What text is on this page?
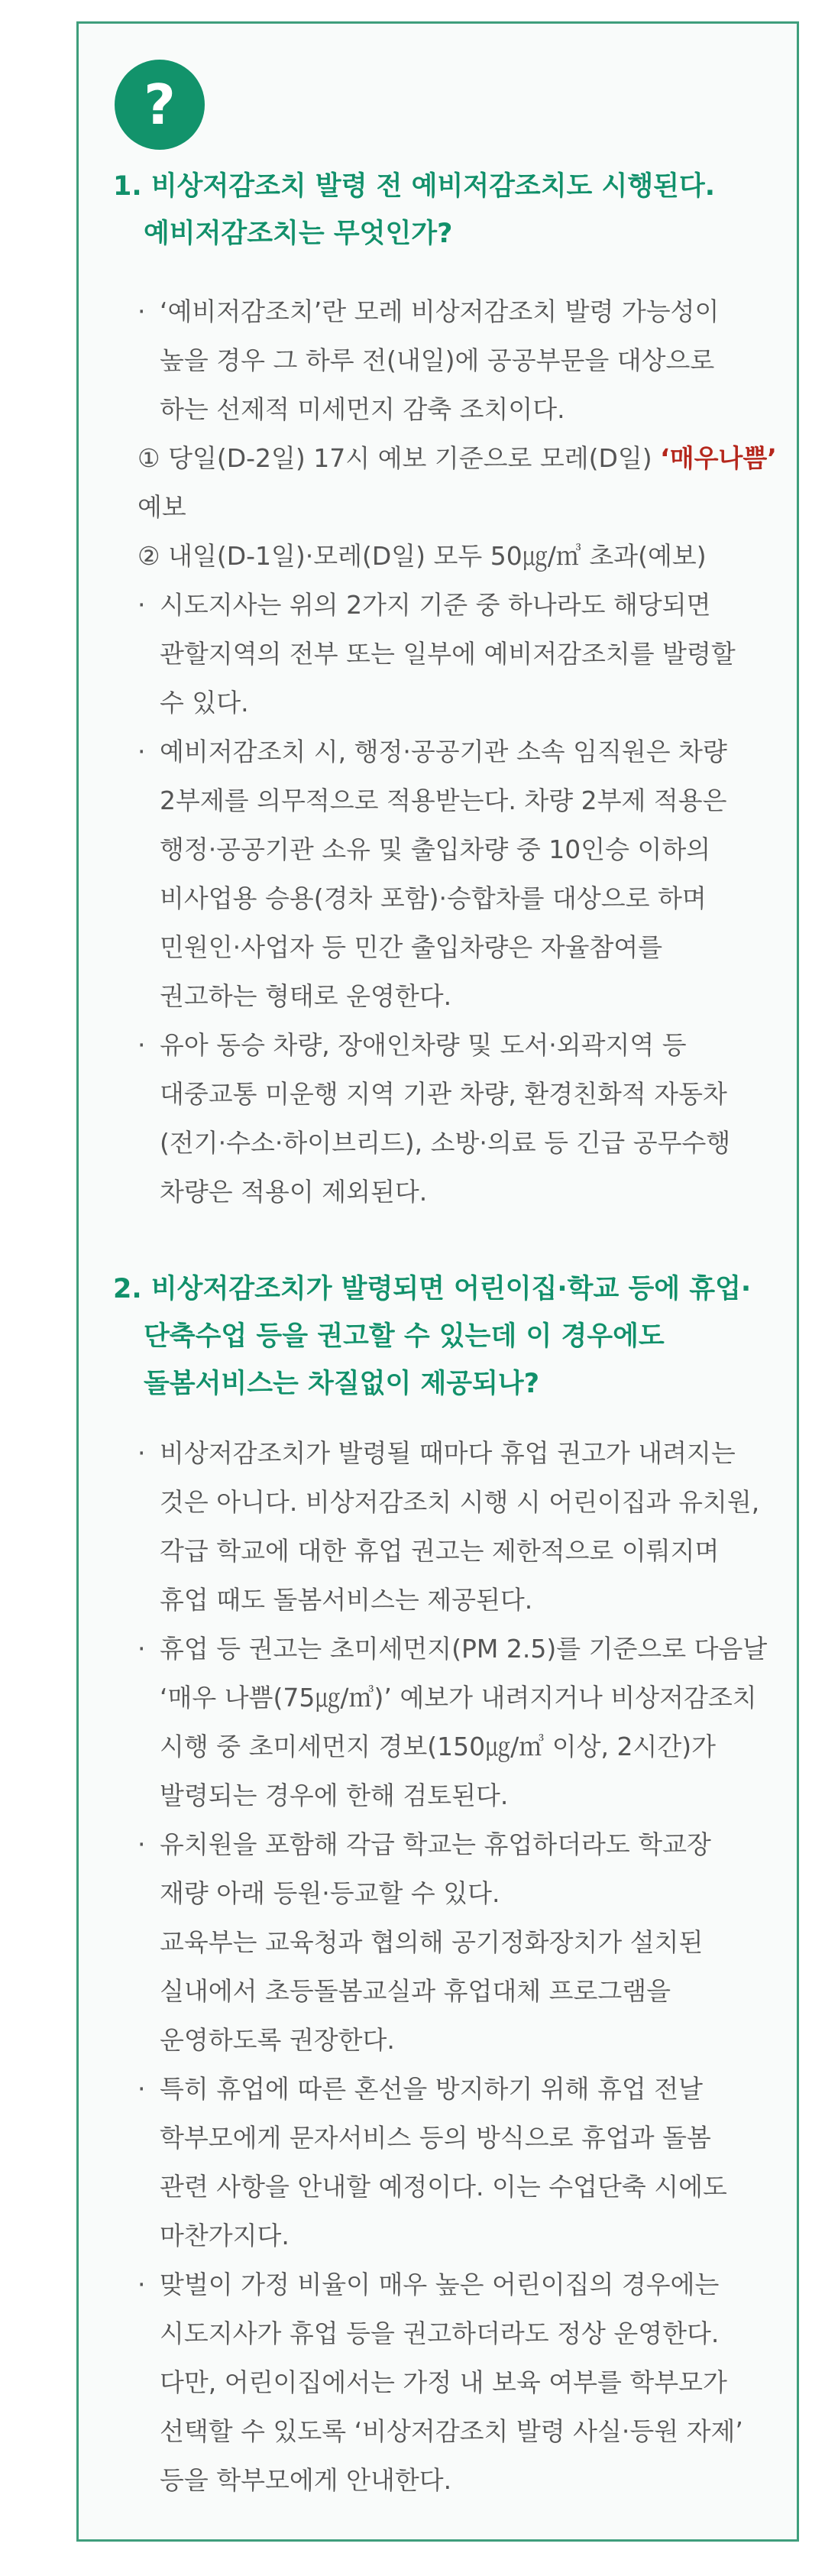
?
1. 비상저감조치 발령 전 예비저감조치도 시행된다.
예비저감조치는 무엇인가?

· ‘예비저감조치’란 모레 비상저감조치 발령 가능성이
높을 경우 그 하루 전(내일)에 공공부문을 대상으로
하는 선제적 미세먼지 감축 조치이다.

① 당일(D-2일) 17시 예보 기준으로 모레(D일) ‘매우나쁨’

예보

② 내일(D-1일)·모레(D일) 모두 50㎍/㎥ 초과(예보)

· 시도지사는 위의 2가지 기준 중 하나라도 해당되면
관할지역의 전부 또는 일부에 예비저감조치를 발령할
수 있다.

· 예비저감조치 시, 행정·공공기관 소속 임직원은 차량
2부제를 의무적으로 적용받는다. 차량 2부제 적용은
행정·공공기관 소유 및 출입차량 중 10인승 이하의
비사업용 승용(경차 포함)·승합차를 대상으로 하며
민원인·사업자 등 민간 출입차량은 자율참여를
권고하는 형태로 운영한다.

· 유아 동승 차량, 장애인차량 및 도서·외곽지역 등
대중교통 미운행 지역 기관 차량, 환경친화적 자동차
(전기·수소·하이브리드), 소방·의료 등 긴급 공무수행
차량은 적용이 제외된다.

2. 비상저감조치가 발령되면 어린이집·학교 등에 휴업·
단축수업 등을 권고할 수 있는데 이 경우에도
돌봄서비스는 차질없이 제공되나?

· 비상저감조치가 발령될 때마다 휴업 권고가 내려지는
것은 아니다. 비상저감조치 시행 시 어린이집과 유치원,
각급 학교에 대한 휴업 권고는 제한적으로 이뤄지며
휴업 때도 돌봄서비스는 제공된다.

· 휴업 등 권고는 초미세먼지(PM 2.5)를 기준으로 다음날
‘매우 나쁨(75㎍/㎥)’ 예보가 내려지거나 비상저감조치
시행 중 초미세먼지 경보(150㎍/㎥ 이상, 2시간)가
발령되는 경우에 한해 검토된다.

· 유치원을 포함해 각급 학교는 휴업하더라도 학교장
재량 아래 등원·등교할 수 있다.
교육부는 교육청과 협의해 공기정화장치가 설치된
실내에서 초등돌봄교실과 휴업대체 프로그램을
운영하도록 권장한다.

· 특히 휴업에 따른 혼선을 방지하기 위해 휴업 전날
학부모에게 문자서비스 등의 방식으로 휴업과 돌봄
관련 사항을 안내할 예정이다. 이는 수업단축 시에도
마찬가지다.

· 맞벌이 가정 비율이 매우 높은 어린이집의 경우에는
시도지사가 휴업 등을 권고하더라도 정상 운영한다.
다만, 어린이집에서는 가정 내 보육 여부를 학부모가
선택할 수 있도록 ‘비상저감조치 발령 사실·등원 자제’
등을 학부모에게 안내한다.
